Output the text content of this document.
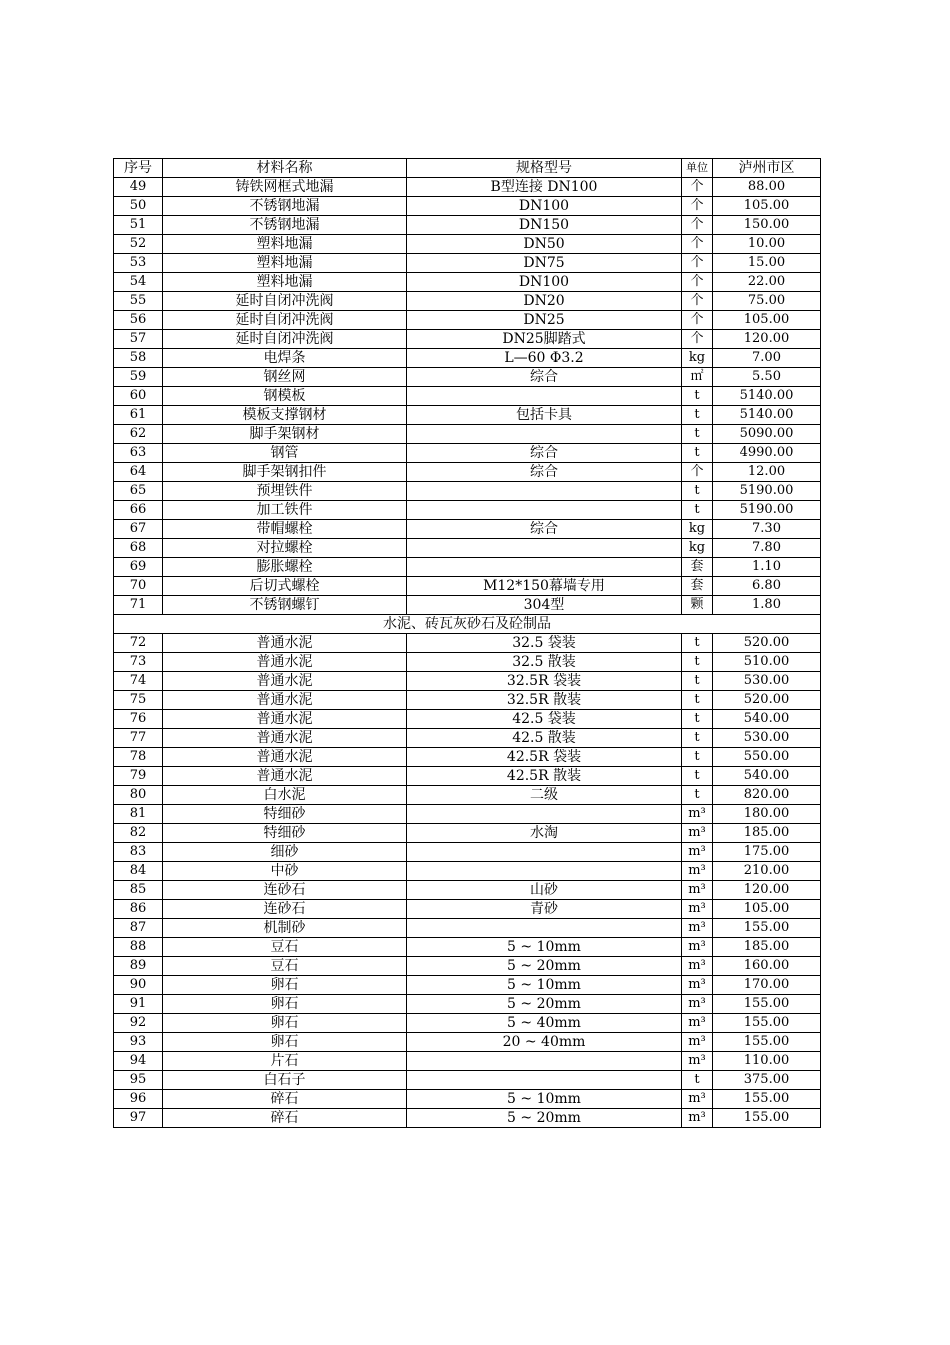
序号	材料名称	规格型号	单位	泸州市区
49	铸铁网框式地漏	B型连接 DN100	个	88.00
50	不锈钢地漏	DN100	个	105.00
51	不锈钢地漏	DN150	个	150.00
52	塑料地漏	DN50	个	10.00
53	塑料地漏	DN75	个	15.00
54	塑料地漏	DN100	个	22.00
55	延时自闭冲洗阀	DN20	个	75.00
56	延时自闭冲洗阀	DN25	个	105.00
57	延时自闭冲洗阀	DN25脚踏式	个	120.00
58	电焊条	L—60 Φ3.2	kg	7.00
59	钢丝网	综合	㎡	5.50
60	钢模板		t	5140.00
61	模板支撑钢材	包括卡具	t	5140.00
62	脚手架钢材		t	5090.00
63	钢管	综合	t	4990.00
64	脚手架钢扣件	综合	个	12.00
65	预埋铁件		t	5190.00
66	加工铁件		t	5190.00
67	带帽螺栓	综合	kg	7.30
68	对拉螺栓		kg	7.80
69	膨胀螺栓		套	1.10
70	后切式螺栓	M12*150幕墙专用	套	6.80
71	不锈钢螺钉	304型	颗	1.80
水泥、砖瓦灰砂石及砼制品				
72	普通水泥	32.5 袋装	t	520.00
73	普通水泥	32.5 散装	t	510.00
74	普通水泥	32.5R 袋装	t	530.00
75	普通水泥	32.5R 散装	t	520.00
76	普通水泥	42.5 袋装	t	540.00
77	普通水泥	42.5 散装	t	530.00
78	普通水泥	42.5R 袋装	t	550.00
79	普通水泥	42.5R 散装	t	540.00
80	白水泥	二级	t	820.00
81	特细砂		m³	180.00
82	特细砂	水淘	m³	185.00
83	细砂		m³	175.00
84	中砂		m³	210.00
85	连砂石	山砂	m³	120.00
86	连砂石	青砂	m³	105.00
87	机制砂		m³	155.00
88	豆石	5 ~ 10mm	m³	185.00
89	豆石	5 ~ 20mm	m³	160.00
90	卵石	5 ~ 10mm	m³	170.00
91	卵石	5 ~ 20mm	m³	155.00
92	卵石	5 ~ 40mm	m³	155.00
93	卵石	20 ~ 40mm	m³	155.00
94	片石		m³	110.00
95	白石子		t	375.00
96	碎石	5 ~ 10mm	m³	155.00
97	碎石	5 ~ 20mm	m³	155.00
